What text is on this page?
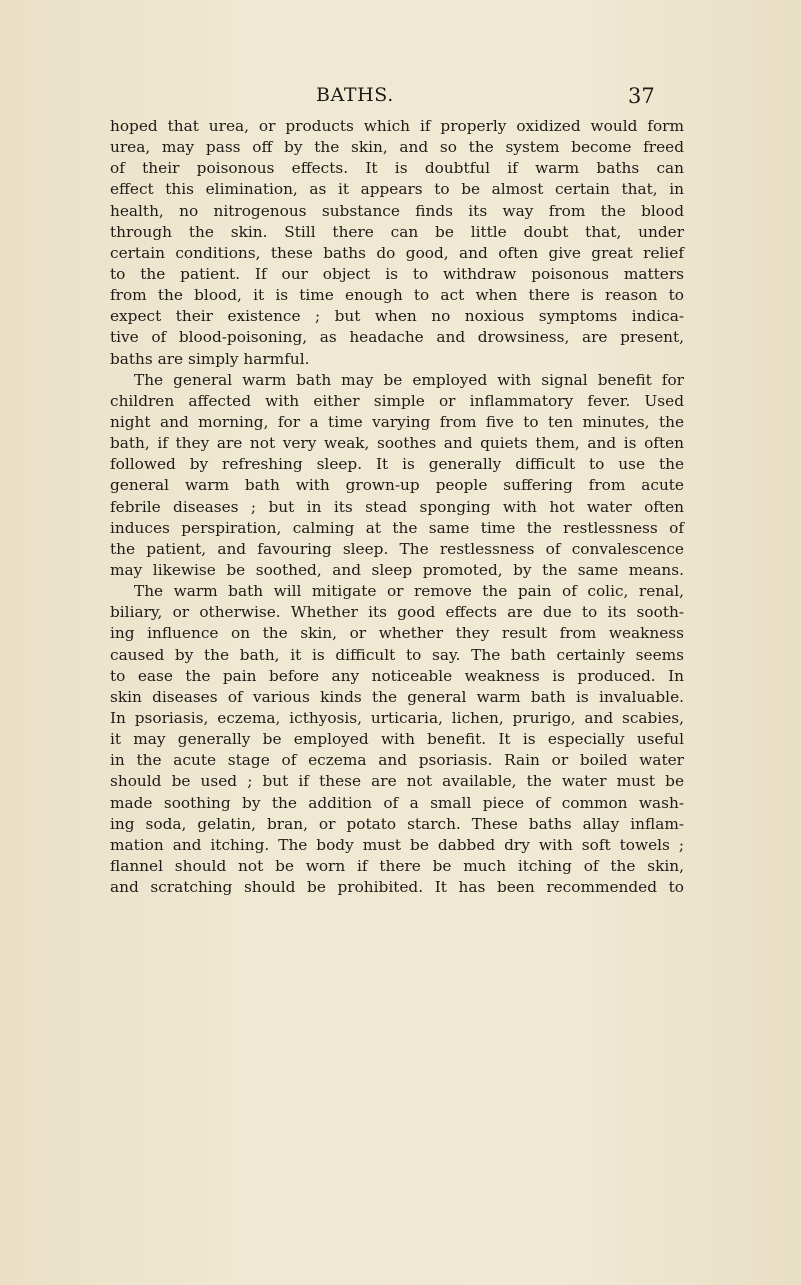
BATHS.	37
hoped that urea, or products which if properly oxidized would form
urea, may pass off by the skin, and so the system become freed
of their poisonous effects. It is doubtful if warm baths can
effect this elimination, as it appears to be almost certain that, in
health, no nitrogenous substance finds its way from the blood
through the skin. Still there can be little doubt that, under
certain conditions, these baths do good, and often give great relief
to the patient. If our object is to withdraw poisonous matters
from the blood, it is time enough to act when there is reason to
expect their existence ; but when no noxious symptoms indica-
tive of blood-poisoning, as headache and drowsiness, are present,
baths are simply harmful.
The general warm bath may be employed with signal benefit for
children affected with either simple or inflammatory fever. Used
night and morning, for a time varying from five to ten minutes, the
bath, if they are not very weak, soothes and quiets them, and is often
followed by refreshing sleep. It is generally difficult to use the
general warm bath with grown-up people suffering from acute
febrile diseases ; but in its stead sponging with hot water often
induces perspiration, calming at the same time the restlessness of
the patient, and favouring sleep. The restlessness of convalescence
may likewise be soothed, and sleep promoted, by the same means.
The warm bath will mitigate or remove the pain of colic, renal,
biliary, or otherwise. Whether its good effects are due to its sooth-
ing influence on the skin, or whether they result from weakness
caused by the bath, it is difficult to say. The bath certainly seems
to ease the pain before any noticeable weakness is produced. In
skin diseases of various kinds the general warm bath is invaluable.
In psoriasis, eczema, icthyosis, urticaria, lichen, prurigo, and scabies,
it may generally be employed with benefit. It is especially useful
in the acute stage of eczema and psoriasis. Rain or boiled water
should be used ; but if these are not available, the water must be
made soothing by the addition of a small piece of common wash-
ing soda, gelatin, bran, or potato starch. These baths allay inflam-
mation and itching. The body must be dabbed dry with soft towels ;
flannel should not be worn if there be much itching of the skin,
and scratching should be prohibited. It has been recommended to
